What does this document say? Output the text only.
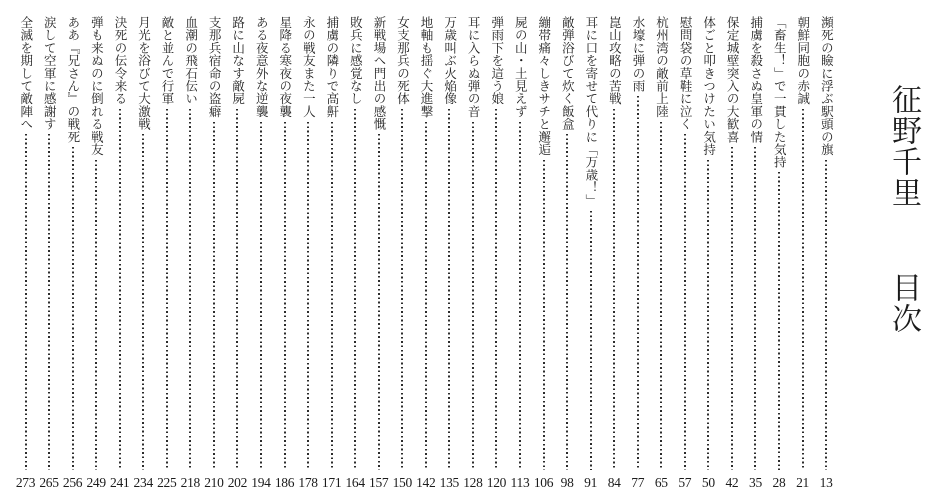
征野千里
目次
瀕死の瞼に浮ぶ駅頭の旗
13
朝鮮同胞の赤誠
21
「畜生！」で一貫した気持
28
捕虜を殺さぬ皇軍の情
35
保定城壁突入の大歓喜
42
体ごと叩きつけたい気持
50
慰問袋の草鞋に泣く
57
杭州湾の敵前上陸
65
水壕に弾の雨
77
崑山攻略の苦戦
84
耳に口を寄せて代りに「万歳！」
91
敵弾浴びて炊く飯盒
98
繃帯痛々しきサチと邂逅
106
屍の山・土見えず
113
弾雨下を這う娘
120
耳に入らぬ弾の音
128
万歳叫ぶ火焔像
135
地軸も揺ぐ大進撃
142
女支那兵の死体
150
新戦場へ門出の感慨
157
敗兵に感覚なし
164
捕虜の隣りで高鼾
171
永の戦友また一人
178
星降る寒夜の夜襲
186
ある夜意外な逆襲
194
路に山なす敵屍
202
支那兵宿命の盗癖
210
血潮の飛石伝い
218
敵と並んで行軍
225
月光を浴びて大激戦
234
決死の伝令来る
241
弾も来ぬのに倒れる戦友
249
ああ『兄さん』の戦死
256
涙して空軍に感謝す
265
全滅を期して敵陣へ
273
